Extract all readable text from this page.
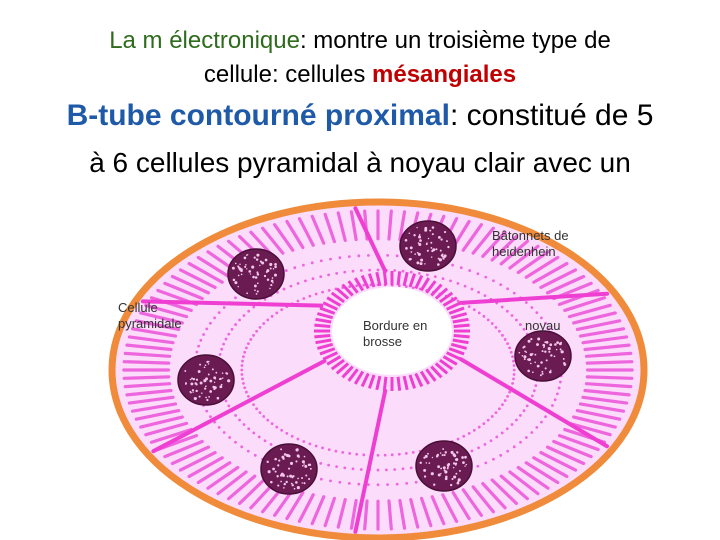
La m électronique: montre un troisième type de
cellule: cellules mésangiales
B-tube contourné proximal: constitué de 5
à 6 cellules pyramidal à noyau clair avec un
Bâtonnets de
heidenhein
Cellule
pyramidale	Bordure en
brosse
noyau
